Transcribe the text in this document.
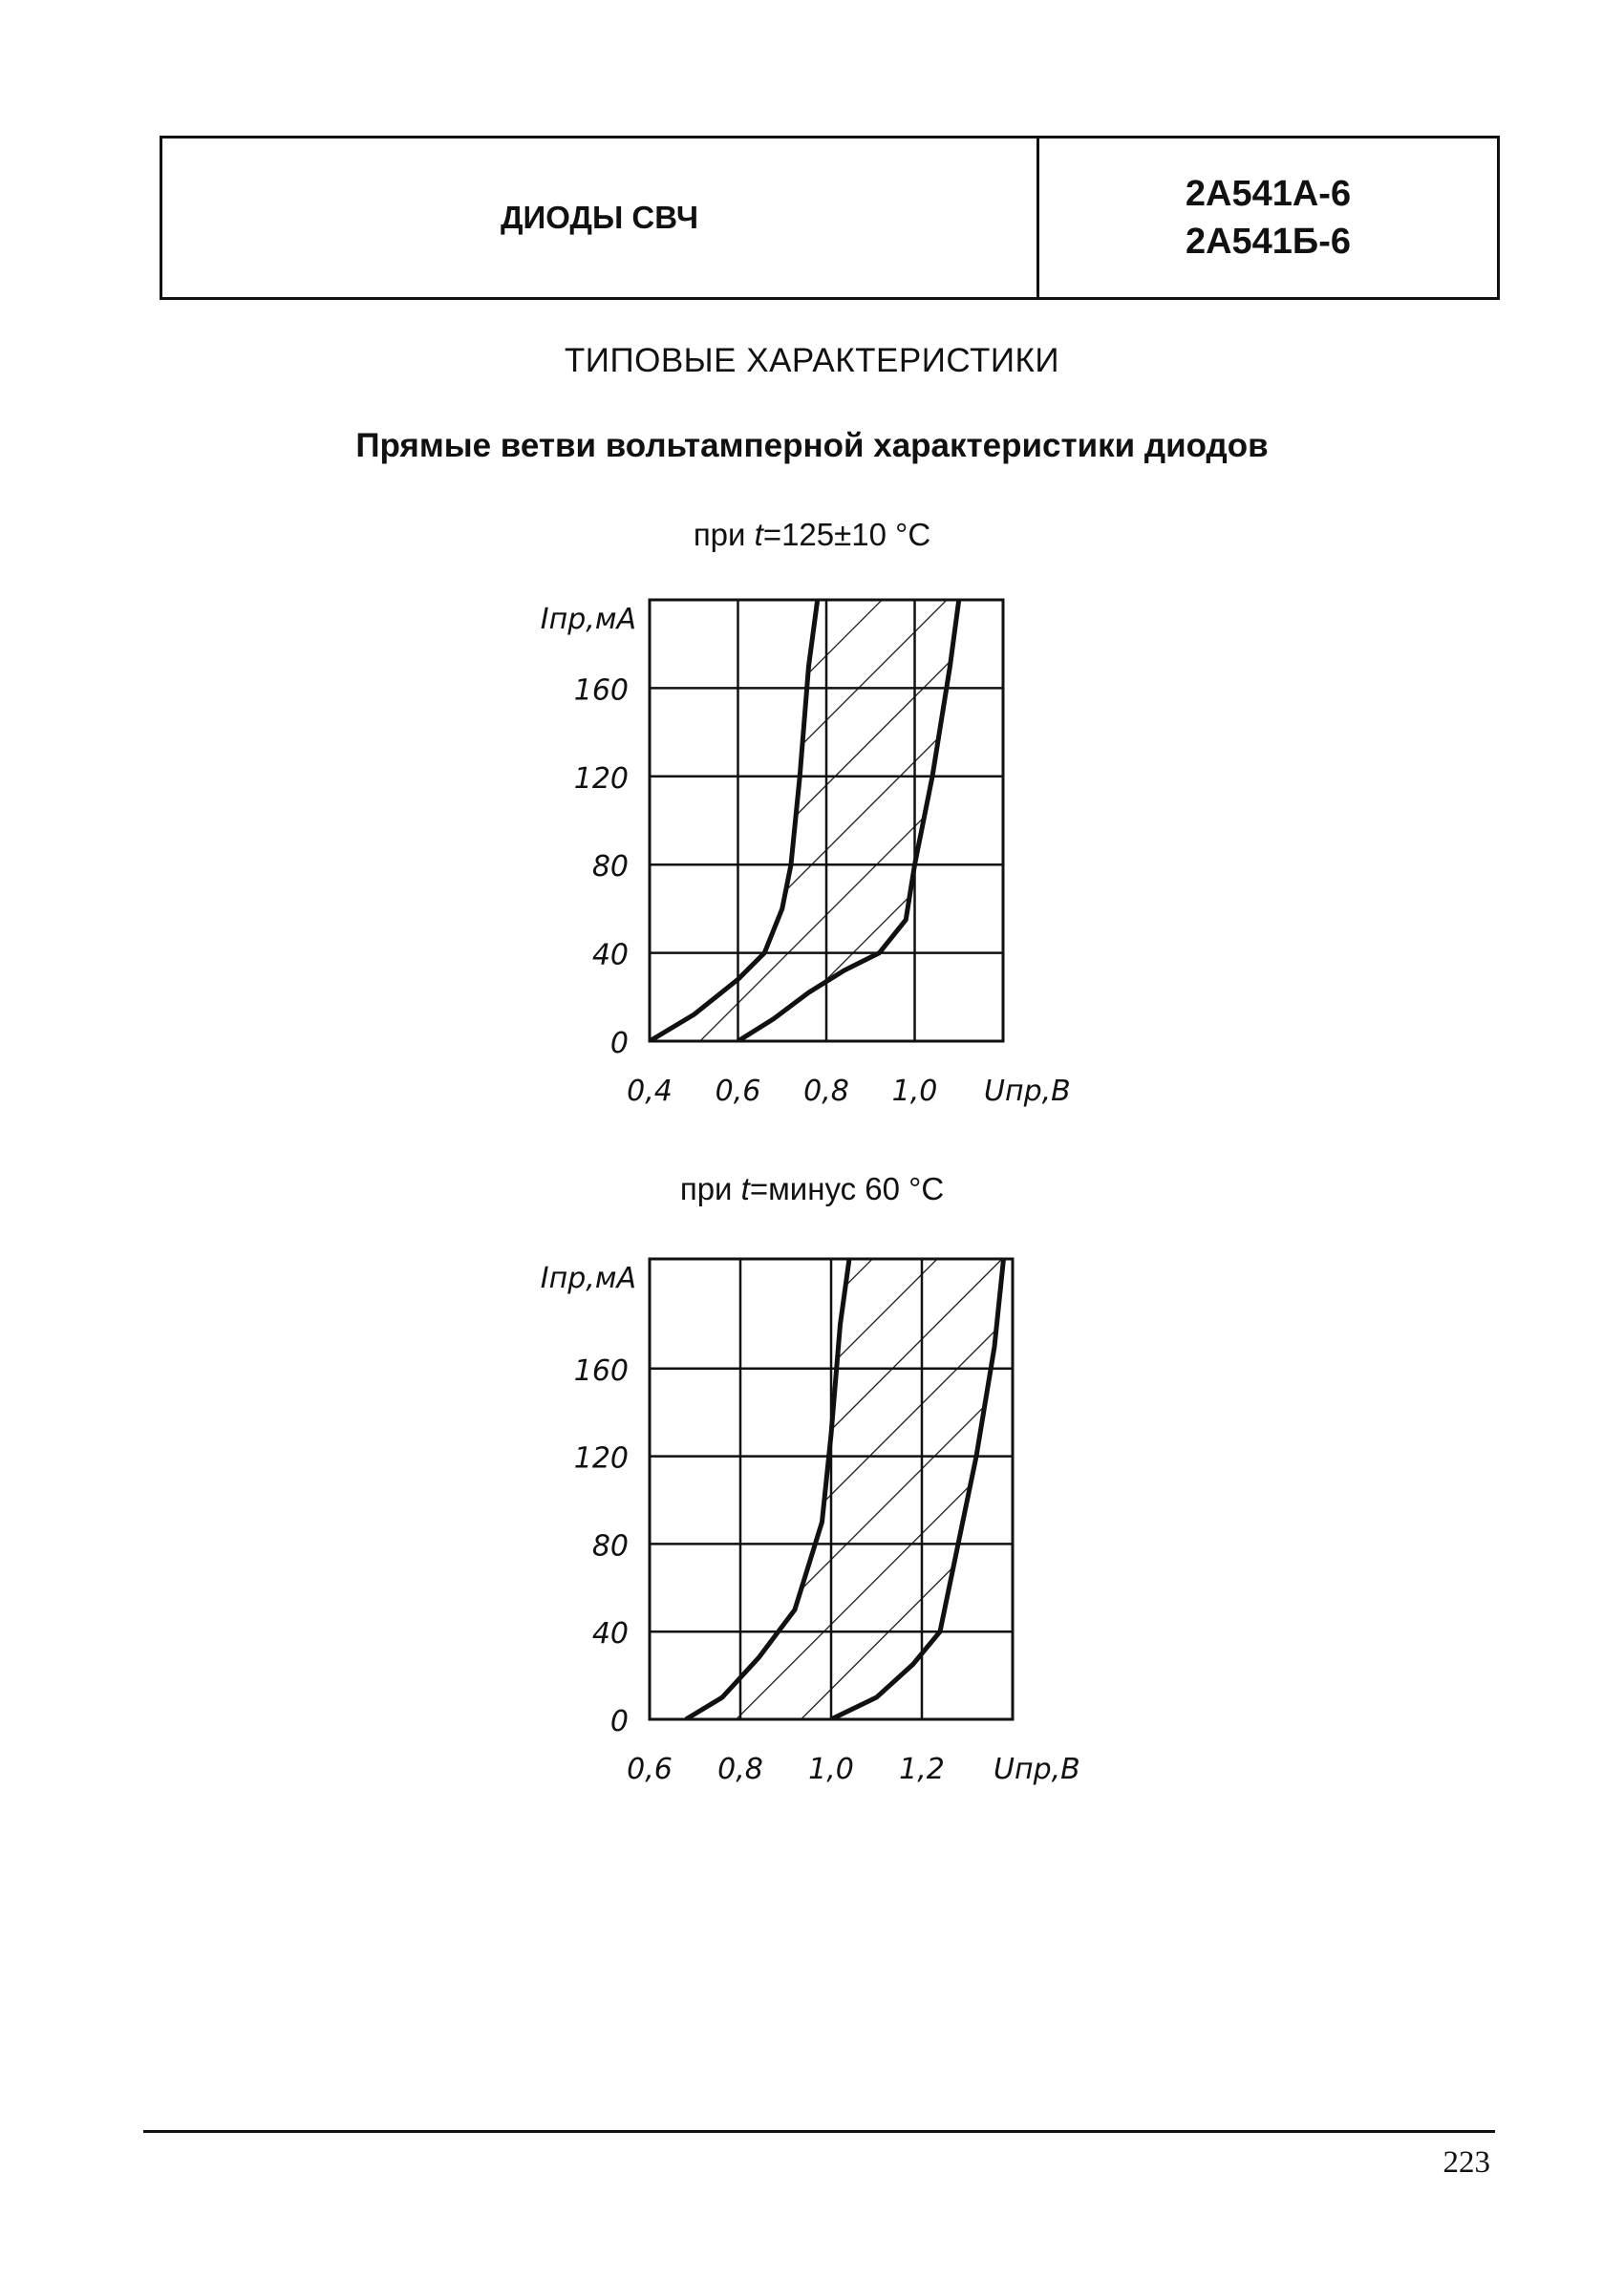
ДИОДЫ СВЧ
2А541А-6
2А541Б-6
ТИПОВЫЕ ХАРАКТЕРИСТИКИ
Прямые ветви вольтамперной характеристики диодов
при t=125±10 °С
0
40
80
120
160
0,4 0,6 0,8 1,0
Iпр,мА
Uпр,В
при t=минус 60 °С
0
40
80
120
160
0,6 0,8 1,0 1,2
Iпр,мА
Uпр,В
223
